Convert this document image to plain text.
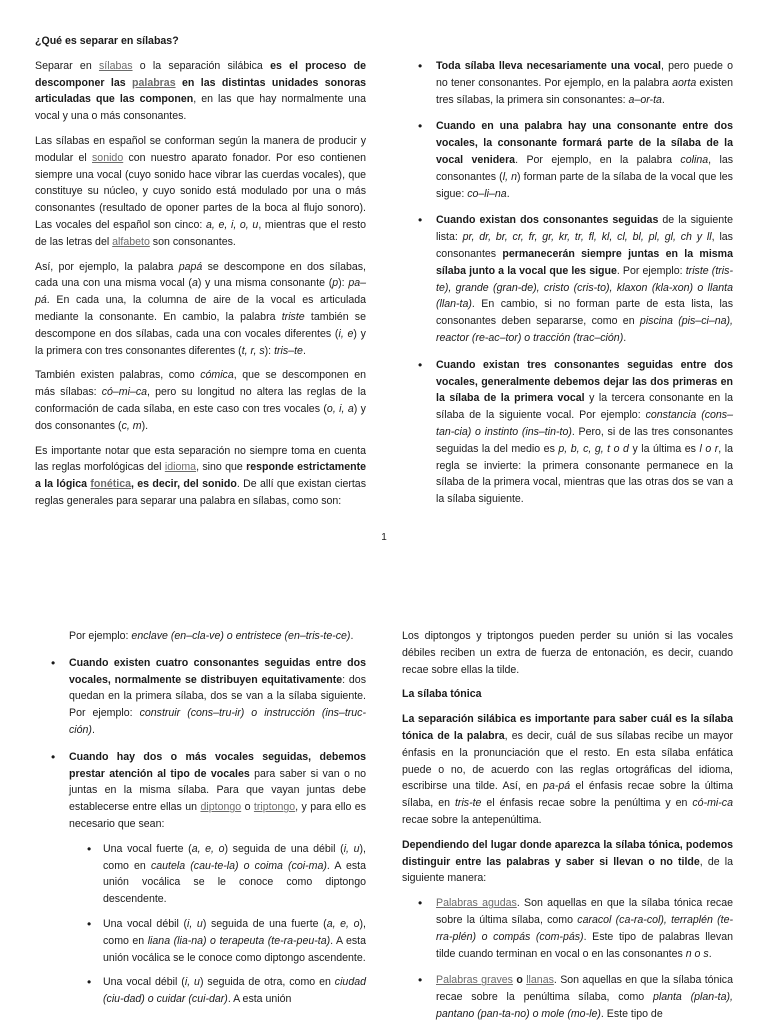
¿Qué es separar en sílabas?

Separar en sílabas o la separación silábica es el proceso de descomponer las palabras en las distintas unidades sonoras articuladas que las componen, en las que hay normalmente una vocal y una o más consonantes.

Las sílabas en español se conforman según la manera de producir y modular el sonido con nuestro aparato fonador. Por eso contienen siempre una vocal (cuyo sonido hace vibrar las cuerdas vocales), que constituye su núcleo, y cuyo sonido está modulado por una o más consonantes (resultado de oponer partes de la boca al flujo sonoro). Las vocales del español son cinco: a, e, i, o, u, mientras que el resto de las letras del alfabeto son consonantes.

Así, por ejemplo, la palabra papá se descompone en dos sílabas, cada una con una misma vocal (a) y una misma consonante (p): pa–pá. En cada una, la columna de aire de la vocal es articulada mediante la consonante. En cambio, la palabra triste también se descompone en dos sílabas, cada una con vocales diferentes (i, e) y la primera con tres consonantes diferentes (t, r, s): tris–te.

También existen palabras, como cómica, que se descomponen en más sílabas: có–mi–ca, pero su longitud no altera las reglas de la conformación de cada sílaba, en este caso con tres vocales (o, i, a) y dos consonantes (c, m).

Es importante notar que esta separación no siempre toma en cuenta las reglas morfológicas del idioma, sino que responde estrictamente a la lógica fonética, es decir, del sonido. De allí que existan ciertas reglas generales para separar una palabra en sílabas, como son:

• Toda sílaba lleva necesariamente una vocal, pero puede o no tener consonantes. Por ejemplo, en la palabra aorta existen tres sílabas, la primera sin consonantes: a–or-ta.
• Cuando en una palabra hay una consonante entre dos vocales, la consonante formará parte de la sílaba de la vocal venidera. Por ejemplo, en la palabra colina, las consonantes (l, n) forman parte de la sílaba de la vocal que les sigue: co–li–na.
• Cuando existan dos consonantes seguidas de la siguiente lista: pr, dr, br, cr, fr, gr, kr, tr, fl, kl, cl, bl, pl, gl, ch y ll, las consonantes permanecerán siempre juntas en la misma sílaba junto a la vocal que les sigue. Por ejemplo: triste (tris-te), grande (gran-de), cristo (cris-to), klaxon (kla-xon) o llanta (llan-ta). En cambio, si no forman parte de esta lista, las consonantes deben separarse, como en piscina (pis–ci–na), reactor (re-ac–tor) o tracción (trac–ción).
• Cuando existan tres consonantes seguidas entre dos vocales, generalmente debemos dejar las dos primeras en la sílaba de la primera vocal y la tercera consonante en la sílaba de la siguiente vocal. Por ejemplo: constancia (cons–tan-cia) o instinto (ins–tin-to). Pero, si de las tres consonantes seguidas la del medio es p, b, c, g, t o d y la última es l o r, la regla se invierte: la primera consonante permanece en la sílaba de la primera vocal, mientras que las otras dos se van a la sílaba siguiente.
1

Por ejemplo: enclave (en–cla-ve) o entristece (en–tris-te-ce).

• Cuando existen cuatro consonantes seguidas entre dos vocales, normalmente se distribuyen equitativamente: dos quedan en la primera sílaba, dos se van a la sílaba siguiente. Por ejemplo: construir (cons–tru-ir) o instrucción (ins–truc-ción).
• Cuando hay dos o más vocales seguidas, debemos prestar atención al tipo de vocales para saber si van o no juntas en la misma sílaba. Para que vayan juntas debe establecerse entre ellas un diptongo o triptongo, y para ello es necesario que sean:
• Una vocal fuerte (a, e, o) seguida de una débil (i, u), como en cautela (cau-te-la) o coima (coi-ma). A esta unión vocálica se le conoce como diptongo descendente.
• Una vocal débil (i, u) seguida de una fuerte (a, e, o), como en liana (lia-na) o terapeuta (te-ra-peu-ta). A esta unión vocálica se le conoce como diptongo ascendente.
• Una vocal débil (i, u) seguida de otra, como en ciudad (ciu-dad) o cuidar (cui-dar). A esta unión

Los diptongos y triptongos pueden perder su unión si las vocales débiles reciben un extra de fuerza de entonación, es decir, cuando recae sobre ellas la tilde.

La sílaba tónica

La separación silábica es importante para saber cuál es la sílaba tónica de la palabra, es decir, cuál de sus sílabas recibe un mayor énfasis en la pronunciación que el resto. En esta sílaba enfática puede o no, de acuerdo con las reglas ortográficas del idioma, escribirse una tilde. Así, en pa-pá el énfasis recae sobre la última sílaba, en tris-te el énfasis recae sobre la penúltima y en có-mi-ca recae sobre la antepenúltima.

Dependiendo del lugar donde aparezca la sílaba tónica, podemos distinguir entre las palabras y saber si llevan o no tilde, de la siguiente manera:

• Palabras agudas. Son aquellas en que la sílaba tónica recae sobre la última sílaba, como caracol (ca-ra-col), terraplén (te-rra-plén) o compás (com-pás). Este tipo de palabras llevan tilde cuando terminan en vocal o en las consonantes n o s.
• Palabras graves o llanas. Son aquellas en que la sílaba tónica recae sobre la penúltima sílaba, como planta (plan-ta), pantano (pan-ta-no) o mole (mo-le). Este tipo de
